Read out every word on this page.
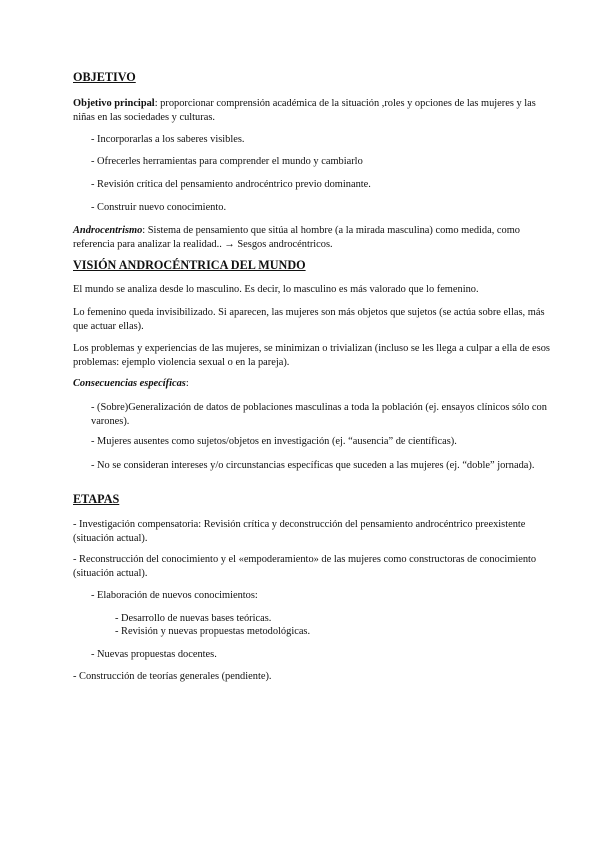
OBJETIVO

Objetivo principal: proporcionar comprensión académica de la situación ,roles y opciones de las mujeres y las niñas en las sociedades y culturas.

- Incorporarlas a los saberes visibles.

- Ofrecerles herramientas para comprender el mundo y cambiarlo

- Revisión crítica del pensamiento androcéntrico previo dominante.

- Construir nuevo conocimiento.

Androcentrismo: Sistema de pensamiento que sitúa al hombre (a la mirada masculina) como medida, como referencia para analizar la realidad.. → Sesgos androcéntricos.

VISIÓN ANDROCÉNTRICA DEL MUNDO

El mundo se analiza desde lo masculino. Es decir, lo masculino es más valorado que lo femenino.

Lo femenino queda invisibilizado. Si aparecen, las mujeres son más objetos que sujetos (se actúa sobre ellas, más que actuar ellas).

Los problemas y experiencias de las mujeres, se minimizan o trivializan (incluso se les llega a culpar a ella de esos problemas: ejemplo violencia sexual o en la pareja).

Consecuencias específicas:

- (Sobre)Generalización de datos de poblaciones masculinas a toda la población (ej. ensayos clínicos sólo con varones).

- Mujeres ausentes como sujetos/objetos en investigación (ej. “ausencia” de científicas).

- No se consideran intereses y/o circunstancias específicas que suceden a las mujeres (ej. “doble” jornada).

ETAPAS

- Investigación compensatoria: Revisión crítica y deconstrucción del pensamiento androcéntrico preexistente (situación actual).

- Reconstrucción del conocimiento y el «empoderamiento» de las mujeres como constructoras de conocimiento (situación actual).

- Elaboración de nuevos conocimientos:

- Desarrollo de nuevas bases teóricas.

- Revisión y nuevas propuestas metodológicas.

- Nuevas propuestas docentes.

- Construcción de teorías generales (pendiente).
